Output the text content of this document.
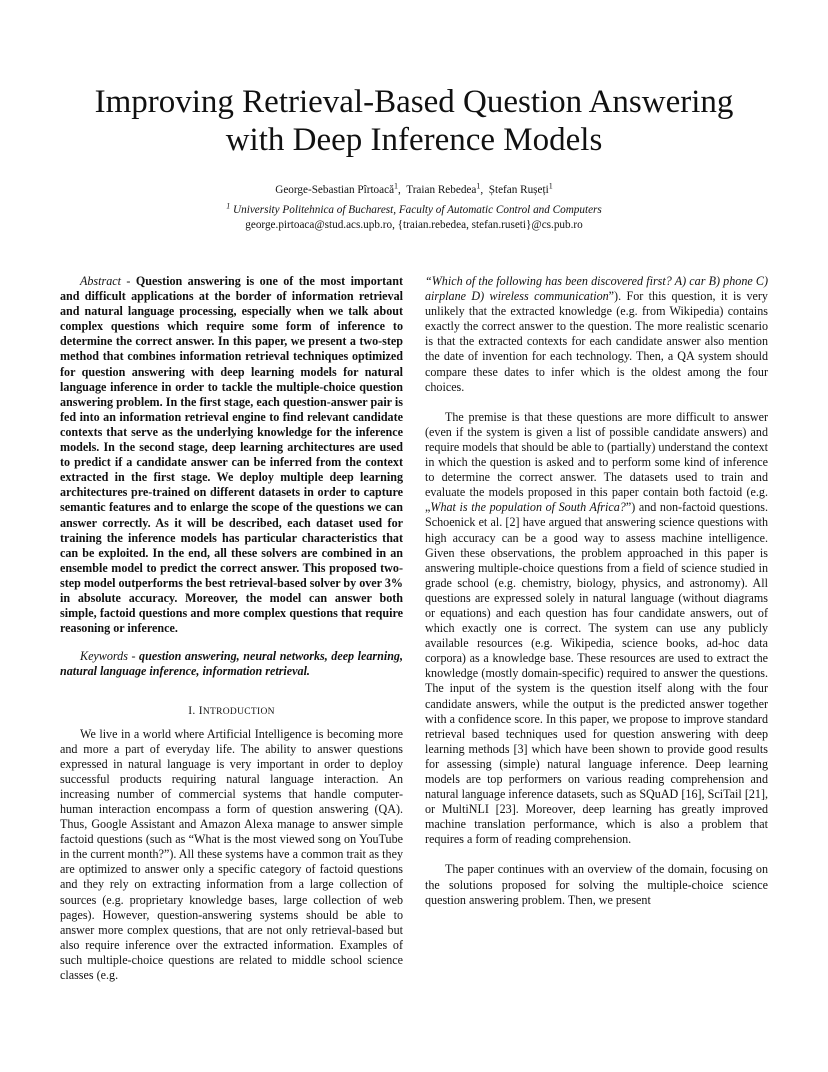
Improving Retrieval-Based Question Answering
with Deep Inference Models
George-Sebastian Pîrtoacă$^1$,  Traian Rebedea$^1$,  Ștefan Rușeți$^1$
$^1$ University Politehnica of Bucharest, Faculty of Automatic Control and Computers
george.pirtoaca@stud.acs.upb.ro, {traian.rebedea, stefan.ruseti}@cs.pub.ro

Abstract - Question answering is one of the most important and difficult applications at the border of information retrieval and natural language processing, especially when we talk about complex questions which require some form of inference to determine the correct answer. In this paper, we present a two-step method that combines information retrieval techniques optimized for question answering with deep learning models for natural language inference in order to tackle the multiple-choice question answering problem. In the first stage, each question-answer pair is fed into an information retrieval engine to find relevant candidate contexts that serve as the underlying knowledge for the inference models. In the second stage, deep learning architectures are used to predict if a candidate answer can be inferred from the context extracted in the first stage. We deploy multiple deep learning architectures pre-trained on different datasets in order to capture semantic features and to enlarge the scope of the questions we can answer correctly. As it will be described, each dataset used for training the inference models has particular characteristics that can be exploited. In the end, all these solvers are combined in an ensemble model to predict the correct answer. This proposed two-step model outperforms the best retrieval-based solver by over 3% in absolute accuracy. Moreover, the model can answer both simple, factoid questions and more complex questions that require reasoning or inference.

Keywords - question answering, neural networks, deep learning, natural language inference, information retrieval.

I. INTRODUCTION

We live in a world where Artificial Intelligence is becoming more and more a part of everyday life. The ability to answer questions expressed in natural language is very important in order to deploy successful products requiring natural language interaction. An increasing number of commercial systems that handle computer-human interaction encompass a form of question answering (QA). Thus, Google Assistant and Amazon Alexa manage to answer simple factoid questions (such as “What is the most viewed song on YouTube in the current month?”). All these systems have a common trait as they are optimized to answer only a specific category of factoid questions and they rely on extracting information from a large collection of sources (e.g. proprietary knowledge bases, large collection of web pages). However, question-answering systems should be able to answer more complex questions, that are not only retrieval-based but also require inference over the extracted information. Examples of such multiple-choice questions are related to middle school science classes (e.g.

“Which of the following has been discovered first? A) car B) phone C) airplane D) wireless communication”). For this question, it is very unlikely that the extracted knowledge (e.g. from Wikipedia) contains exactly the correct answer to the question. The more realistic scenario is that the extracted contexts for each candidate answer also mention the date of invention for each technology. Then, a QA system should compare these dates to infer which is the oldest among the four choices.

The premise is that these questions are more difficult to answer (even if the system is given a list of possible candidate answers) and require models that should be able to (partially) understand the context in which the question is asked and to perform some kind of inference to determine the correct answer. The datasets used to train and evaluate the models proposed in this paper contain both factoid (e.g. „What is the population of South Africa?”) and non-factoid questions. Schoenick et al. [2] have argued that answering science questions with high accuracy can be a good way to assess machine intelligence. Given these observations, the problem approached in this paper is answering multiple-choice questions from a field of science studied in grade school (e.g. chemistry, biology, physics, and astronomy). All questions are expressed solely in natural language (without diagrams or equations) and each question has four candidate answers, out of which exactly one is correct. The system can use any publicly available resources (e.g. Wikipedia, science books, ad-hoc data corpora) as a knowledge base. These resources are used to extract the knowledge (mostly domain-specific) required to answer the questions. The input of the system is the question itself along with the four candidate answers, while the output is the predicted answer together with a confidence score. In this paper, we propose to improve standard retrieval based techniques used for question answering with deep learning methods [3] which have been shown to provide good results for assessing (simple) natural language inference. Deep learning models are top performers on various reading comprehension and natural language inference datasets, such as SQuAD [16], SciTail [21], or MultiNLI [23]. Moreover, deep learning has greatly improved machine translation performance, which is also a problem that requires a form of reading comprehension.

The paper continues with an overview of the domain, focusing on the solutions proposed for solving the multiple-choice science question answering problem. Then, we present
